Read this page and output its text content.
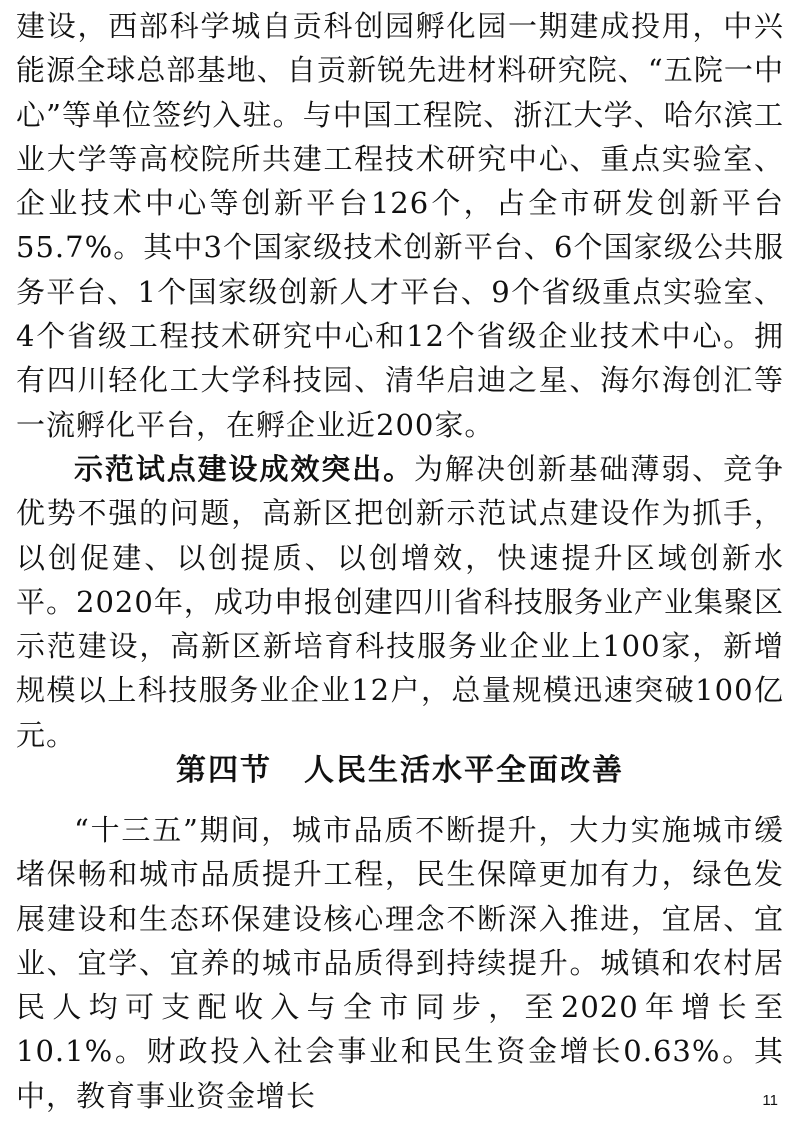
建设，西部科学城自贡科创园孵化园一期建成投用，中兴能源全球总部基地、自贡新锐先进材料研究院、“五院一中心”等单位签约入驻。与中国工程院、浙江大学、哈尔滨工业大学等高校院所共建工程技术研究中心、重点实验室、企业技术中心等创新平台126个，占全市研发创新平台55.7%。其中3个国家级技术创新平台、6个国家级公共服务平台、1个国家级创新人才平台、9个省级重点实验室、4个省级工程技术研究中心和12个省级企业技术中心。拥有四川轻化工大学科技园、清华启迪之星、海尔海创汇等一流孵化平台，在孵企业近200家。

示范试点建设成效突出。为解决创新基础薄弱、竞争优势不强的问题，高新区把创新示范试点建设作为抓手，以创促建、以创提质、以创增效，快速提升区域创新水平。2020年，成功申报创建四川省科技服务业产业集聚区示范建设，高新区新培育科技服务业企业上100家，新增规模以上科技服务业企业12户，总量规模迅速突破100亿元。

第四节　人民生活水平全面改善

“十三五”期间，城市品质不断提升，大力实施城市缓堵保畅和城市品质提升工程，民生保障更加有力，绿色发展建设和生态环保建设核心理念不断深入推进，宜居、宜业、宜学、宜养的城市品质得到持续提升。城镇和农村居民人均可支配收入与全市同步，至2020年增长至10.1%。财政投入社会事业和民生资金增长0.63%。其中，教育事业资金增长	11
